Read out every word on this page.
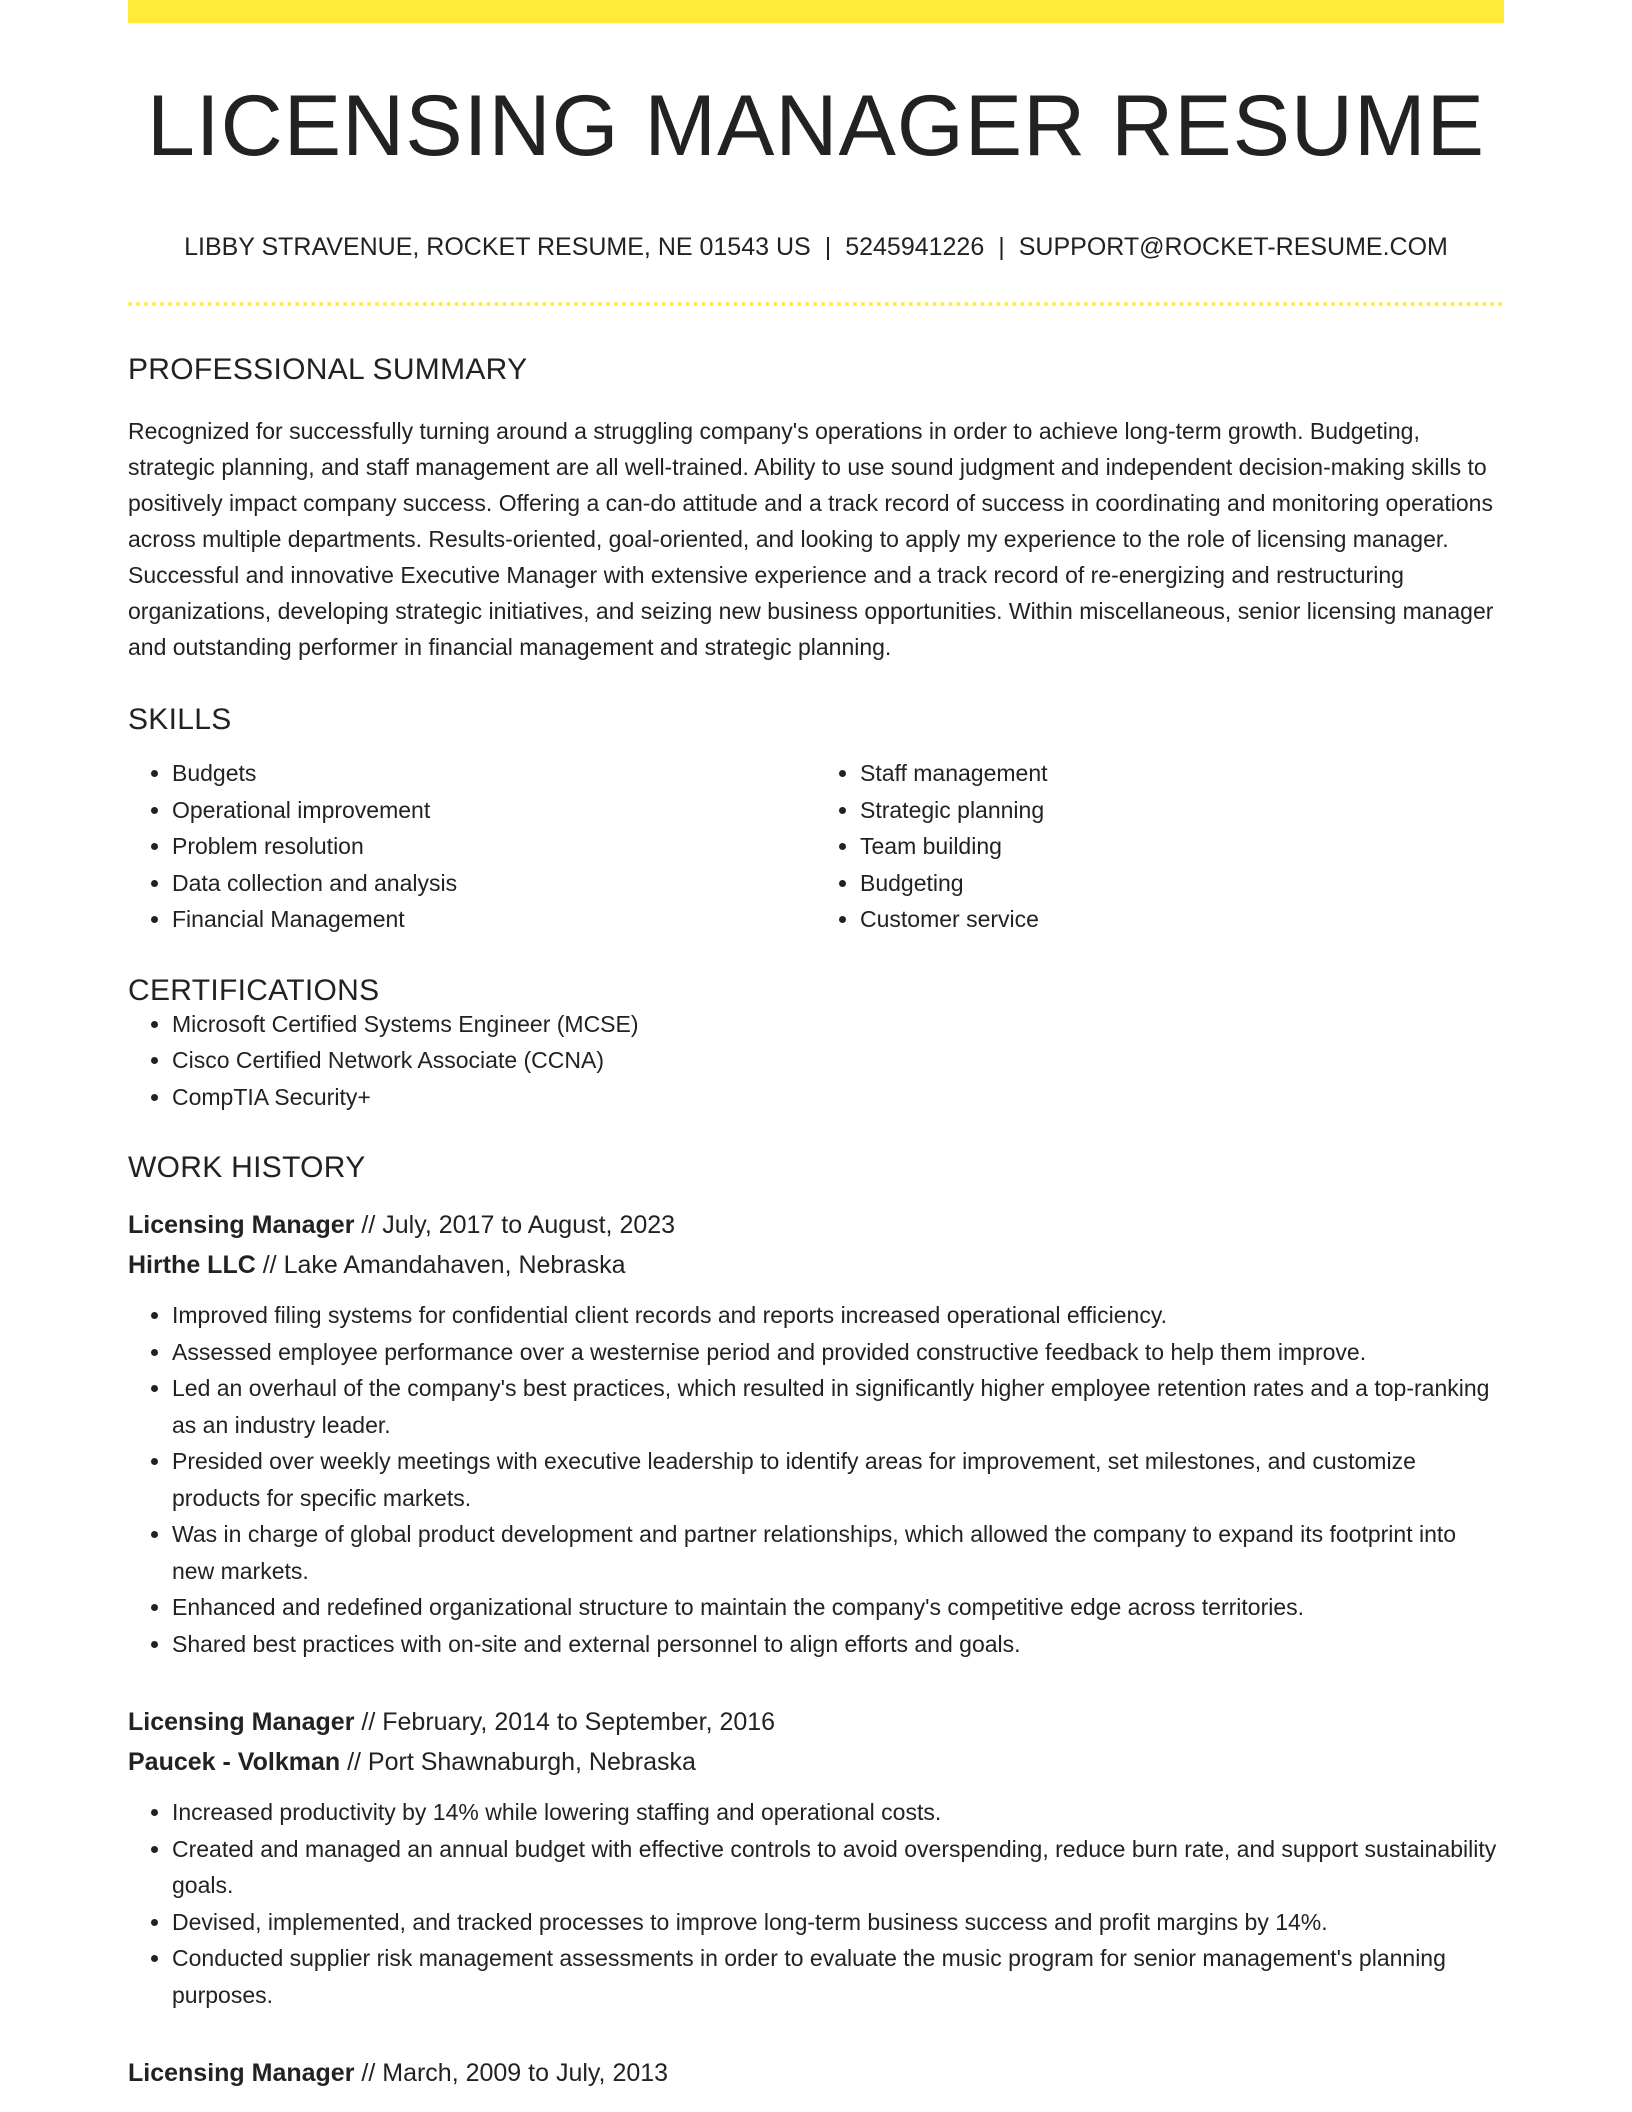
LICENSING MANAGER RESUME
LIBBY STRAVENUE, ROCKET RESUME, NE 01543 US | 5245941226 | SUPPORT@ROCKET-RESUME.COM
PROFESSIONAL SUMMARY

Recognized for successfully turning around a struggling company's operations in order to achieve long-term growth. Budgeting, strategic planning, and staff management are all well-trained. Ability to use sound judgment and independent decision-making skills to positively impact company success. Offering a can-do attitude and a track record of success in coordinating and monitoring operations across multiple departments. Results-oriented, goal-oriented, and looking to apply my experience to the role of licensing manager. Successful and innovative Executive Manager with extensive experience and a track record of re-energizing and restructuring organizations, developing strategic initiatives, and seizing new business opportunities. Within miscellaneous, senior licensing manager and outstanding performer in financial management and strategic planning.

SKILLS
• Budgets
• Operational improvement
• Problem resolution
• Data collection and analysis
• Financial Management
• Staff management
• Strategic planning
• Team building
• Budgeting
• Customer service
CERTIFICATIONS
• Microsoft Certified Systems Engineer (MCSE)
• Cisco Certified Network Associate (CCNA)
• CompTIA Security+
WORK HISTORY
Licensing Manager // July, 2017 to August, 2023
Hirthe LLC // Lake Amandahaven, Nebraska
• Improved filing systems for confidential client records and reports increased operational efficiency.
• Assessed employee performance over a westernise period and provided constructive feedback to help them improve.
• Led an overhaul of the company's best practices, which resulted in significantly higher employee retention rates and a top-ranking as an industry leader.
• Presided over weekly meetings with executive leadership to identify areas for improvement, set milestones, and customize products for specific markets.
• Was in charge of global product development and partner relationships, which allowed the company to expand its footprint into new markets.
• Enhanced and redefined organizational structure to maintain the company's competitive edge across territories.
• Shared best practices with on-site and external personnel to align efforts and goals.
Licensing Manager // February, 2014 to September, 2016
Paucek - Volkman // Port Shawnaburgh, Nebraska
• Increased productivity by 14% while lowering staffing and operational costs.
• Created and managed an annual budget with effective controls to avoid overspending, reduce burn rate, and support sustainability goals.
• Devised, implemented, and tracked processes to improve long-term business success and profit margins by 14%.
• Conducted supplier risk management assessments in order to evaluate the music program for senior management's planning purposes.
Licensing Manager // March, 2009 to July, 2013
